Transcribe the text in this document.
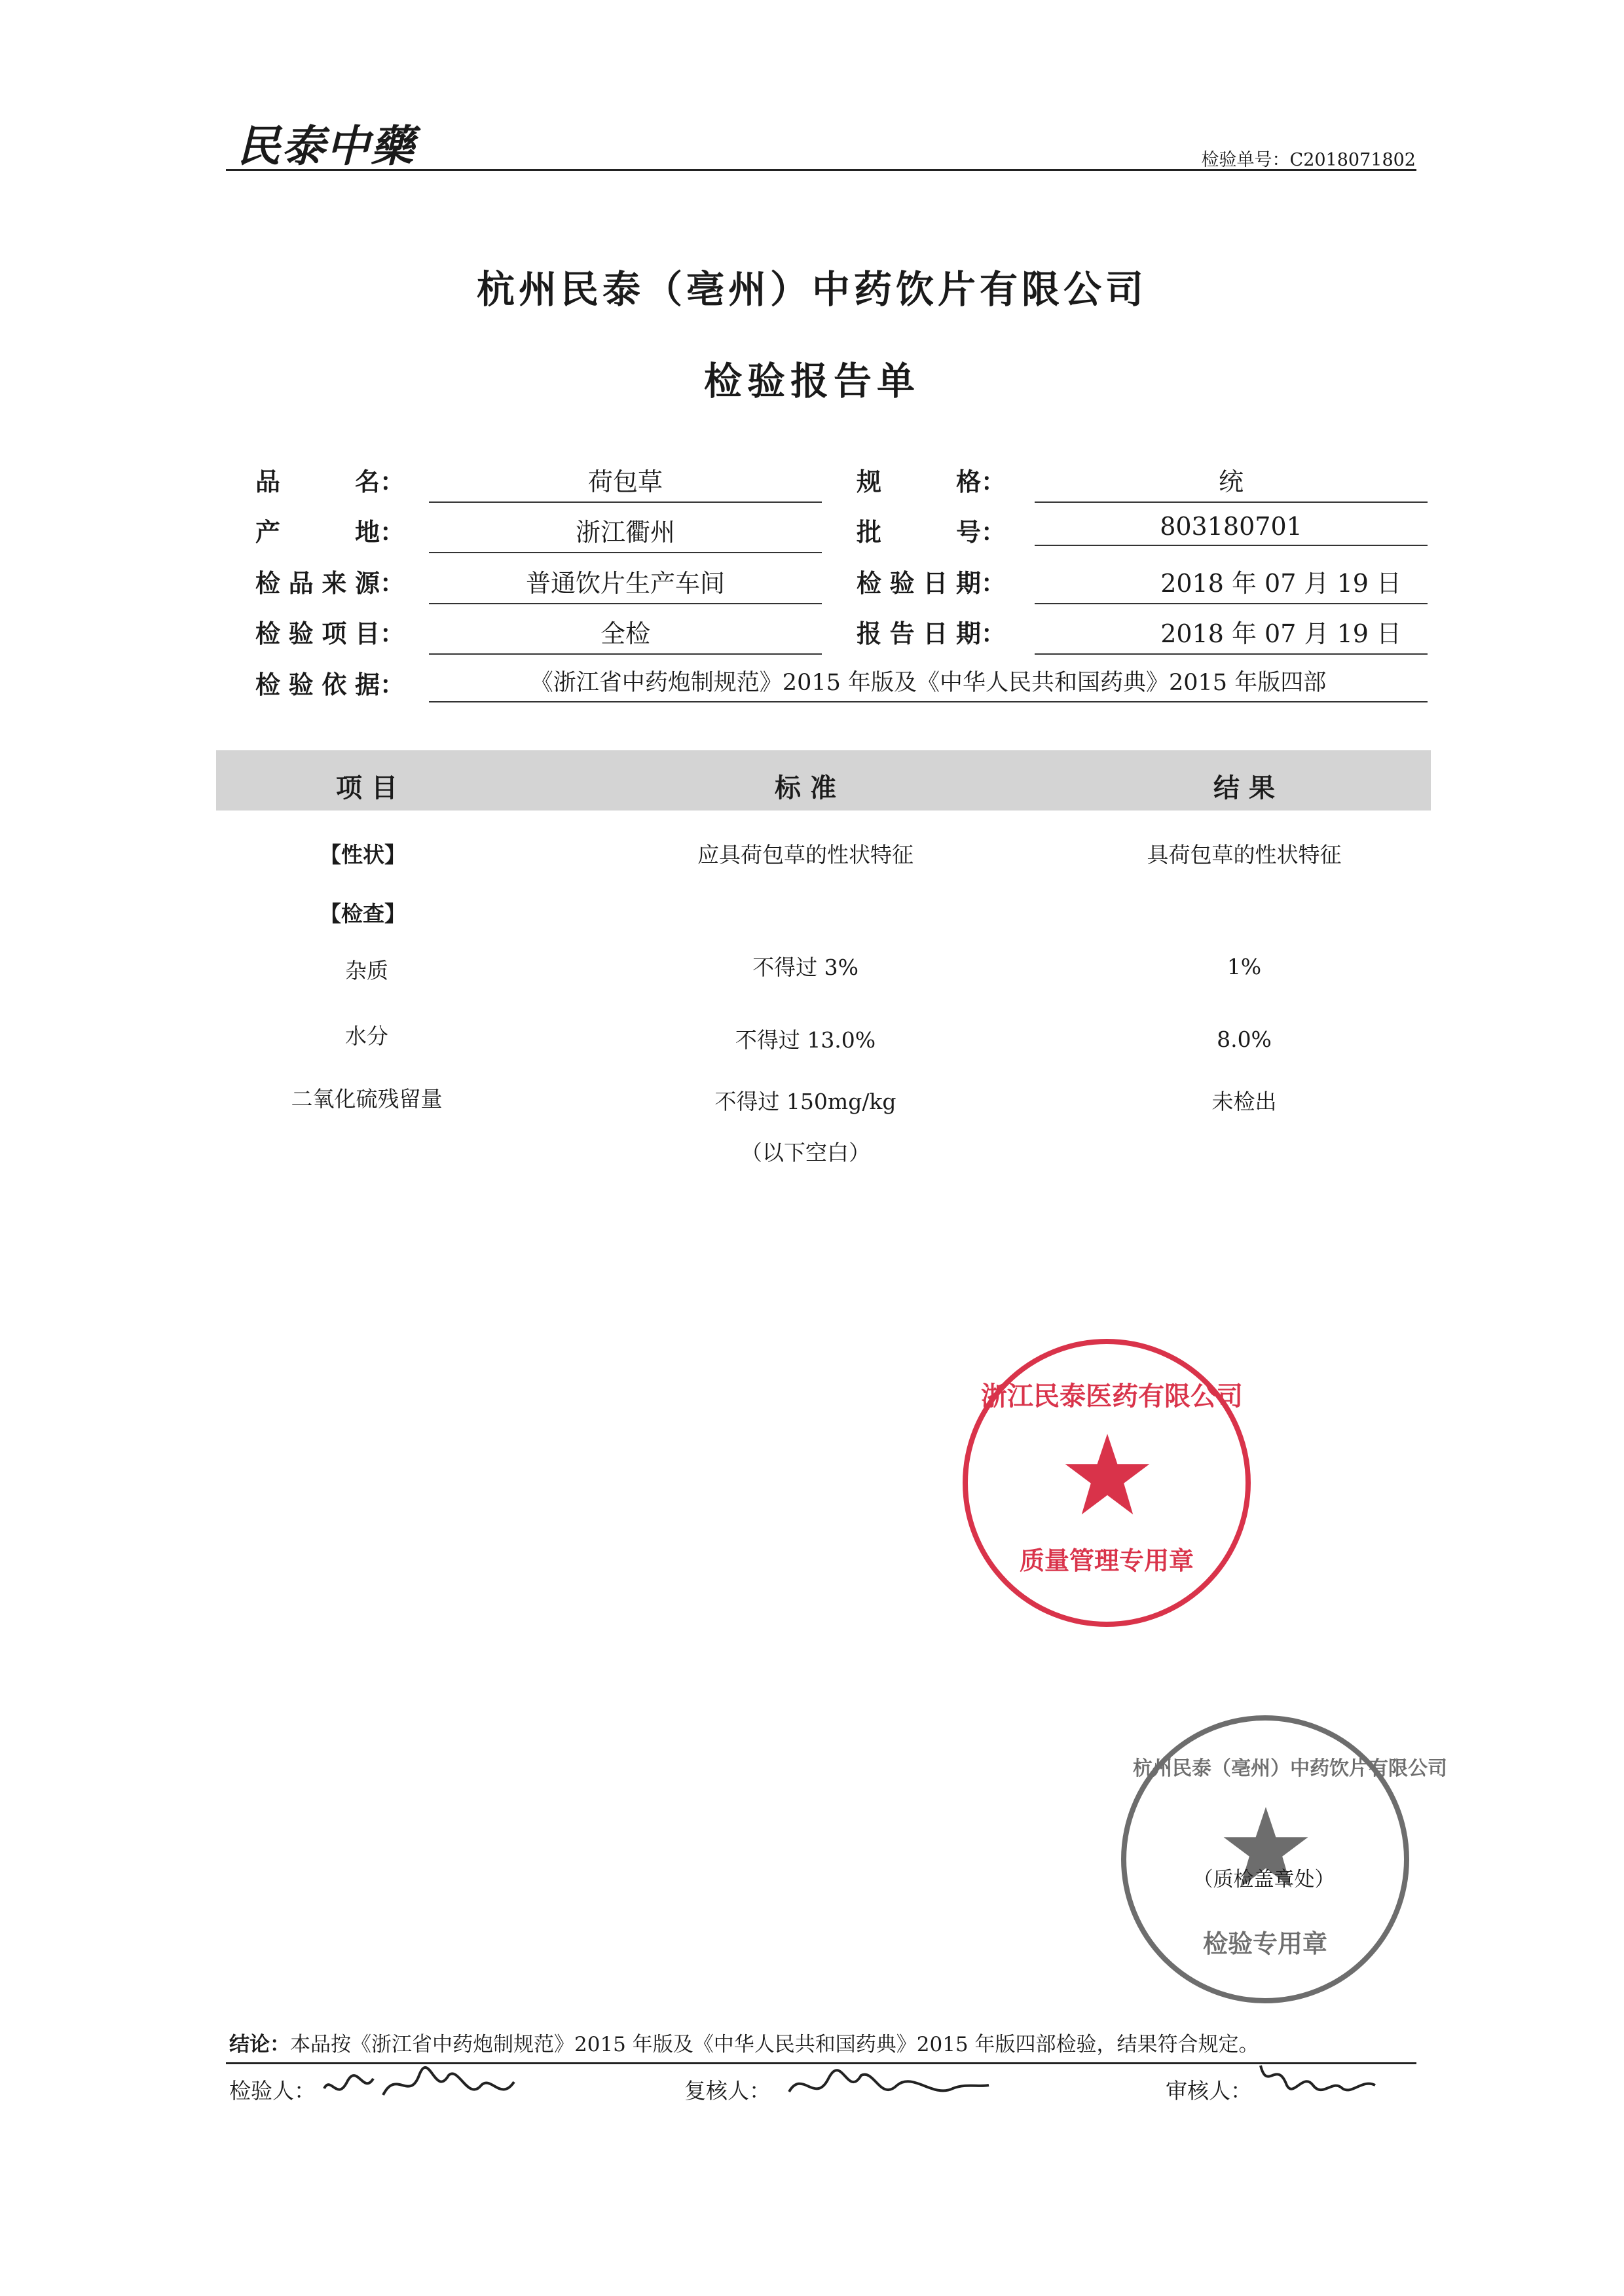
民泰中藥	检验单号：C2018071802
杭州民泰（亳州）中药饮片有限公司
检验报告单
品 名：	荷包草	规 格：	统
产 地：	浙江衢州	批 号：	803180701
检品来源：	普通饮片生产车间	检验日期：	2018 年 07 月 19 日
检验项目：	全检	报告日期：	2018 年 07 月 19 日
检验依据：	《浙江省中药炮制规范》2015 年版及《中华人民共和国药典》2015 年版四部
项 目	标 准	结 果
【性状】	应具荷包草的性状特征	具荷包草的性状特征
【检查】
杂质	不得过 3%	1%
水分	不得过 13.0%	8.0%
二氧化硫残留量	不得过 150mg/kg	未检出
（以下空白）
浙江民泰医药有限公司
质量管理专用章
杭州民泰（亳州）中药饮片有限公司
检验专用章
（质检盖章处）
结论：本品按《浙江省中药炮制规范》2015 年版及《中华人民共和国药典》2015 年版四部检验，结果符合规定。
检验人：	复核人：	审核人：
